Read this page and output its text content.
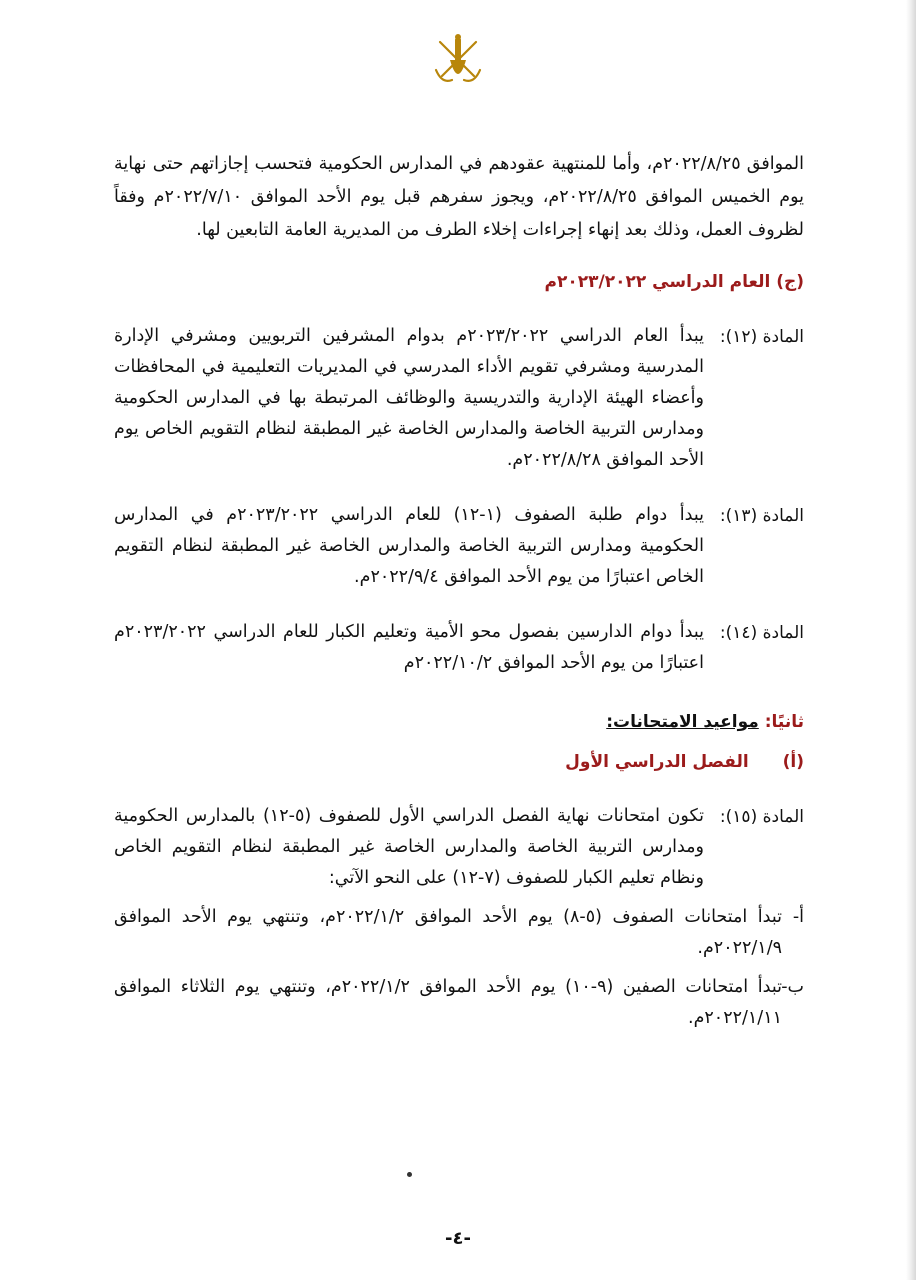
الموافق ٢٠٢٢/٨/٢٥م، وأما للمنتهية عقودهم في المدارس الحكومية فتحسب إجازاتهم حتى نهاية يوم الخميس الموافق ٢٠٢٢/٨/٢٥م، ويجوز سفرهم قبل يوم الأحد الموافق ٢٠٢٢/٧/١٠م وفقاً لظروف العمل، وذلك بعد إنهاء إجراءات إخلاء الطرف من المديرية العامة التابعين لها.

(ج) العام الدراسي ٢٠٢٣/٢٠٢٢م

المادة (١٢):
يبدأ العام الدراسي ٢٠٢٣/٢٠٢٢م بدوام المشرفين التربويين ومشرفي الإدارة المدرسية ومشرفي تقويم الأداء المدرسي في المديريات التعليمية في المحافظات وأعضاء الهيئة الإدارية والتدريسية والوظائف المرتبطة بها في المدارس الحكومية ومدارس التربية الخاصة والمدارس الخاصة غير المطبقة لنظام التقويم الخاص يوم الأحد الموافق ٢٠٢٢/٨/٢٨م.
المادة (١٣):
يبدأ دوام طلبة الصفوف (١-١٢) للعام الدراسي ٢٠٢٣/٢٠٢٢م في المدارس الحكومية ومدارس التربية الخاصة والمدارس الخاصة غير المطبقة لنظام التقويم الخاص اعتبارًا من يوم الأحد الموافق ٢٠٢٢/٩/٤م.
المادة (١٤):
يبدأ دوام الدارسين بفصول محو الأمية وتعليم الكبار للعام الدراسي ٢٠٢٣/٢٠٢٢م اعتبارًا من يوم الأحد الموافق ٢٠٢٢/١٠/٢م

ثانيًا: مواعيد الامتحانات:

(أ) الفصل الدراسي الأول

المادة (١٥):
تكون امتحانات نهاية الفصل الدراسي الأول للصفوف (٥-١٢) بالمدارس الحكومية ومدارس التربية الخاصة والمدارس الخاصة غير المطبقة لنظام التقويم الخاص ونظام تعليم الكبار للصفوف (٧-١٢) على النحو الآتي:
أ-
تبدأ امتحانات الصفوف (٥-٨) يوم الأحد الموافق ٢٠٢٢/١/٢م، وتنتهي يوم الأحد الموافق ٢٠٢٢/١/٩م.
ب-
تبدأ امتحانات الصفين (٩-١٠) يوم الأحد الموافق ٢٠٢٢/١/٢م، وتنتهي يوم الثلاثاء الموافق ٢٠٢٢/١/١١م.
-٤-
